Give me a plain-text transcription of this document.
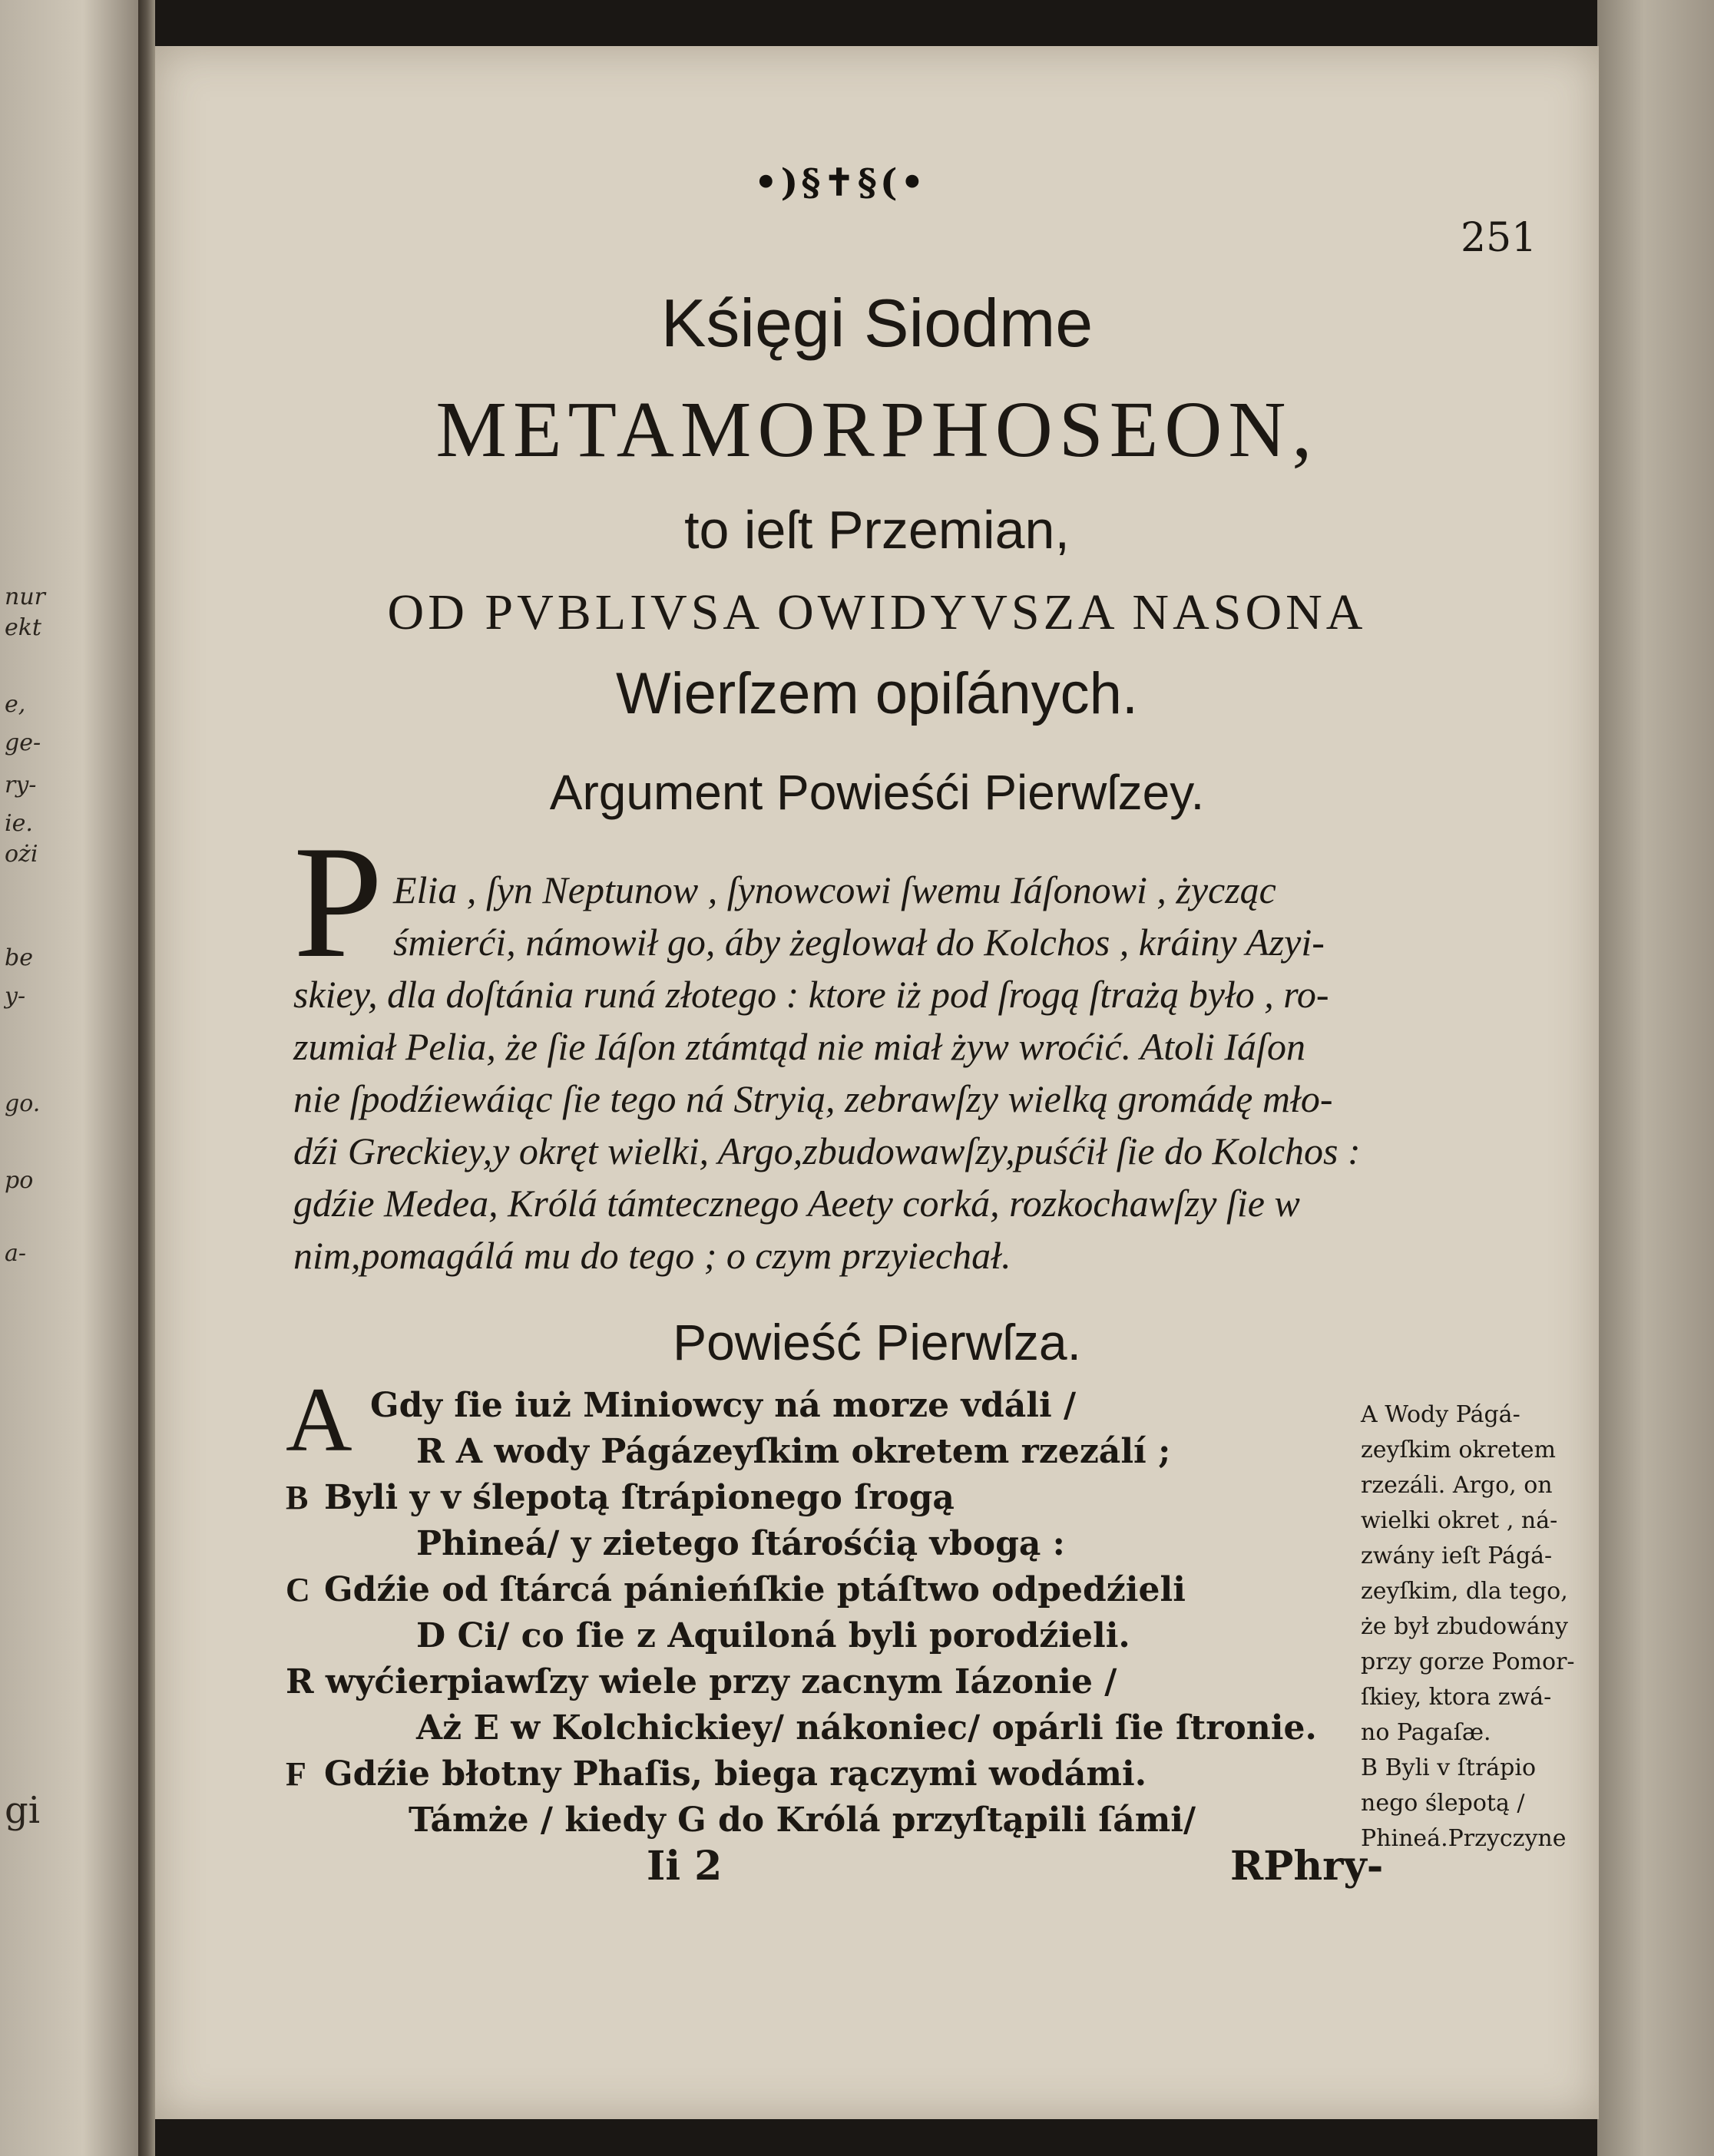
nur
ekt
e,
ge-
ry-
ie.
ożi
be
y-
go.
po
a-
gi
•)§✝§(•
251
Kśięgi Siodme
METAMORPHOSEON,
to ieſt Przemian,
OD PVBLIVSA OWIDYVSZA NASONA
Wierſzem opiſánych.
Argument Powieśći Pierwſzey.
P Elia , ſyn Neptunow , ſynowcowi ſwemu Iáſonowi , życząc
śmierći, námowił go, áby żeglował do Kolchos , kráiny Azyi-
skiey, dla doſtánia runá złotego : ktore iż pod ſrogą ſtrażą było , ro-
zumiał Pelia, że ſie Iáſon ztámtąd nie miał żyw wroćić. Atoli Iáſon
nie ſpodźiewáiąc ſie tego ná Stryią, zebrawſzy wielką gromádę mło-
dźi Greckiey,y okręt wielki, Argo,zbudowawſzy,puśćił ſie do Kolchos :
gdźie Medea, Królá támtecznego Aeety corká, rozkochawſzy ſie w
nim,pomagálá mu do tego ; o czym przyiechał.
Powieść Pierwſza.
A
B
C
F
Gdy ſie iuż Miniowcy ná morze vdáli /
R A wody Págázeyſkim okretem rzezálí ;
Byli y v ślepotą ſtrápionego ſrogą
Phineá/ y zietego ſtárośćią vbogą :
Gdźie od ſtárcá pánieńſkie ptáſtwo odpedźieli
D Ci/ co ſie z Aquiloná byli porodźieli.
R wyćierpiawſzy wiele przy zacnym Iázonie /
Aż E w Kolchickiey/ nákoniec/ opárli ſie ſtronie.
Gdźie błotny Phaſis, biega rączymi wodámi.
Támże / kiedy G do Królá przyſtąpili ſámi/
A Wody Págá-
zeyſkim okretem
rzezáli. Argo, on
wielki okret , ná-
zwány ieſt Págá-
zeyſkim, dla tego,
że był zbudowány
przy gorze Pomor-
ſkiey, ktora zwá-
no Pagaſæ.
B Byli v ſtrápio
nego ślepotą /
Phineá.Przyczyne
Ii 2	RPhry-
